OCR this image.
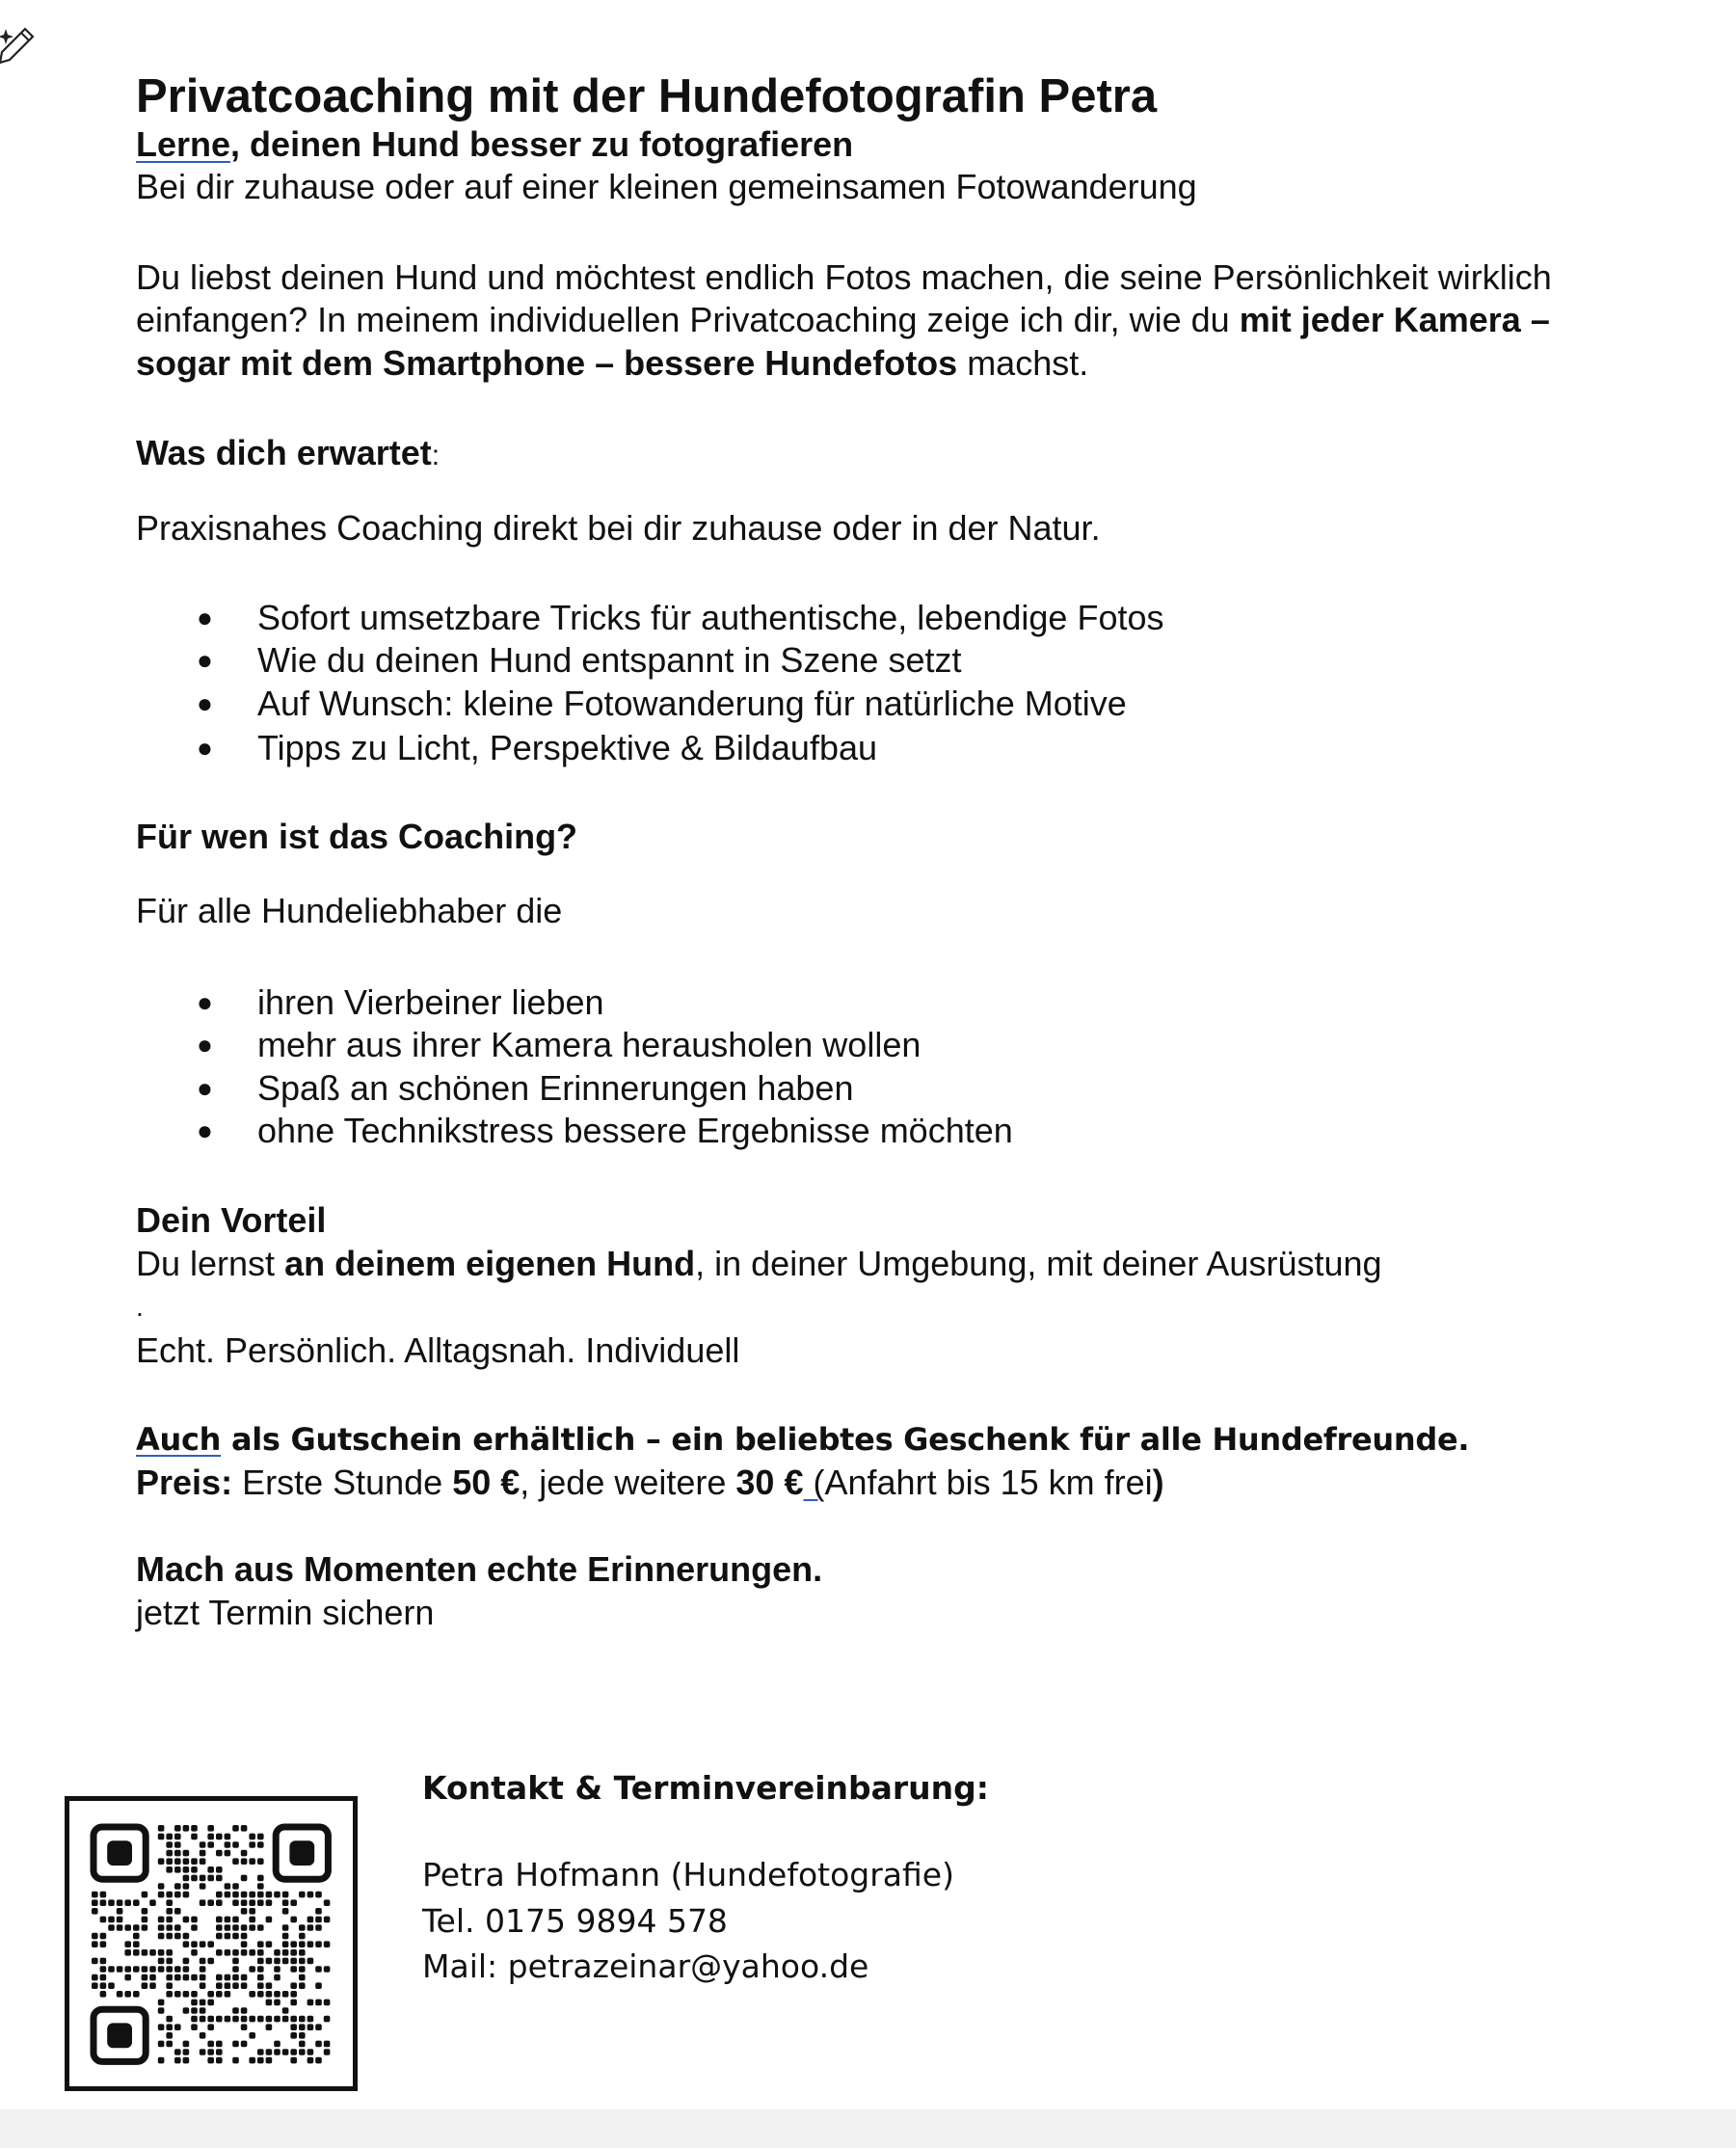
Privatcoaching mit der Hundefotografin Petra
Lerne, deinen Hund besser zu fotografieren
Bei dir zuhause oder auf einer kleinen gemeinsamen Fotowanderung
Du liebst deinen Hund und möchtest endlich Fotos machen, die seine Persönlichkeit wirklich
einfangen? In meinem individuellen Privatcoaching zeige ich dir, wie du mit jeder Kamera –
sogar mit dem Smartphone – bessere Hundefotos machst.
Was dich erwartet:
Praxisnahes Coaching direkt bei dir zuhause oder in der Natur.
● Sofort umsetzbare Tricks für authentische, lebendige Fotos
● Wie du deinen Hund entspannt in Szene setzt
● Auf Wunsch: kleine Fotowanderung für natürliche Motive
● Tipps zu Licht, Perspektive & Bildaufbau
Für wen ist das Coaching?
Für alle Hundeliebhaber die
● ihren Vierbeiner lieben
● mehr aus ihrer Kamera herausholen wollen
● Spaß an schönen Erinnerungen haben
● ohne Technikstress bessere Ergebnisse möchten
Dein Vorteil
Du lernst an deinem eigenen Hund, in deiner Umgebung, mit deiner Ausrüstung
.
Echt. Persönlich. Alltagsnah. Individuell
Auch als Gutschein erhältlich – ein beliebtes Geschenk für alle Hundefreunde.
Preis: Erste Stunde 50 €, jede weitere 30 € (Anfahrt bis 15 km frei)
Mach aus Momenten echte Erinnerungen.
jetzt Termin sichern
Kontakt & Terminvereinbarung:
Petra Hofmann (Hundefotografie)
Tel. 0175 9894 578
Mail: petrazeinar@yahoo.de
